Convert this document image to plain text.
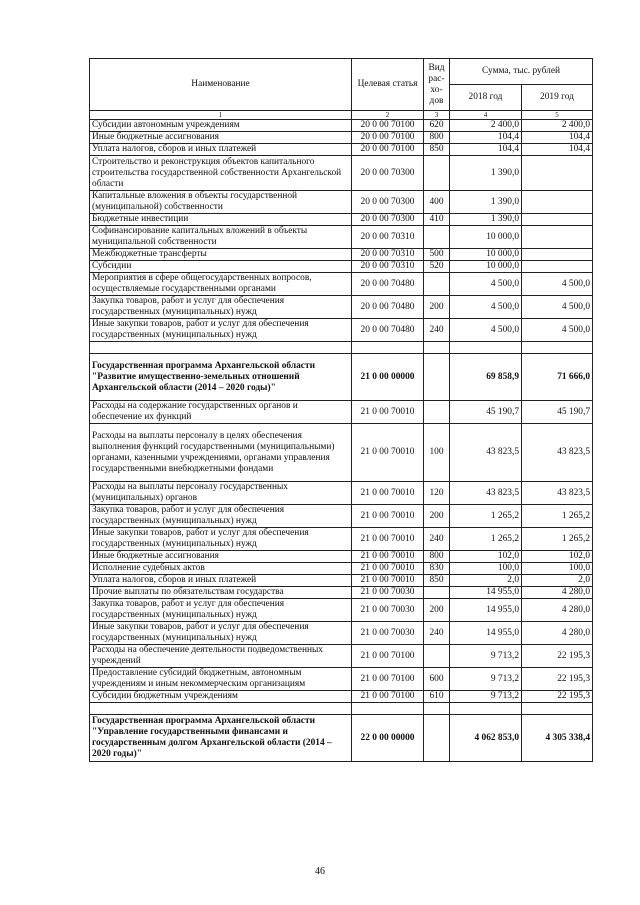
Наименование	Целевая статья	Вид рас-хо-дов	Сумма, тыс. рублей	
			2018 год	2019 год
1	2	3	4	5
Субсидии автономным учреждениям	20 0 00 70100	620	2 400,0	2 400,0
Иные бюджетные ассигнования	20 0 00 70100	800	104,4	104,4
Уплата налогов, сборов и иных платежей	20 0 00 70100	850	104,4	104,4
Строительство и реконструкция объектов капитального строительства государственной собственности Архангельской области	20 0 00 70300		1 390,0	
Капитальные вложения в объекты государственной (муниципальной) собственности	20 0 00 70300	400	1 390,0	
Бюджетные инвестиции	20 0 00 70300	410	1 390,0	
Софинансирование капитальных вложений в объекты муниципальной собственности	20 0 00 70310		10 000,0	
Межбюджетные трансферты	20 0 00 70310	500	10 000,0	
Субсидии	20 0 00 70310	520	10 000,0	
Мероприятия в сфере общегосударственных вопросов, осуществляемые государственными органами	20 0 00 70480		4 500,0	4 500,0
Закупка товаров, работ и услуг для обеспечения государственных (муниципальных) нужд	20 0 00 70480	200	4 500,0	4 500,0
Иные закупки товаров, работ и услуг для обеспечения государственных (муниципальных) нужд	20 0 00 70480	240	4 500,0	4 500,0

Государственная программа Архангельской области "Развитие имущественно-земельных отношений Архангельской области (2014 – 2020 годы)"	21 0 00 00000		69 858,9	71 666,0
Расходы на содержание государственных органов и обеспечение их функций	21 0 00 70010		45 190,7	45 190,7
Расходы на выплаты персоналу в целях обеспечения выполнения функций государственными (муниципальными) органами, казенными учреждениями, органами управления государственными внебюджетными фондами	21 0 00 70010	100	43 823,5	43 823,5
Расходы на выплаты персоналу государственных (муниципальных) органов	21 0 00 70010	120	43 823,5	43 823,5
Закупка товаров, работ и услуг для обеспечения государственных (муниципальных) нужд	21 0 00 70010	200	1 265,2	1 265,2
Иные закупки товаров, работ и услуг для обеспечения государственных (муниципальных) нужд	21 0 00 70010	240	1 265,2	1 265,2
Иные бюджетные ассигнования	21 0 00 70010	800	102,0	102,0
Исполнение судебных актов	21 0 00 70010	830	100,0	100,0
Уплата налогов, сборов и иных платежей	21 0 00 70010	850	2,0	2,0
Прочие выплаты по обязательствам государства	21 0 00 70030		14 955,0	4 280,0
Закупка товаров, работ и услуг для обеспечения государственных (муниципальных) нужд	21 0 00 70030	200	14 955,0	4 280,0
Иные закупки товаров, работ и услуг для обеспечения государственных (муниципальных) нужд	21 0 00 70030	240	14 955,0	4 280,0
Расходы на обеспечение деятельности подведомственных учреждений	21 0 00 70100		9 713,2	22 195,3
Предоставление субсидий бюджетным, автономным учреждениям и иным некоммерческим организациям	21 0 00 70100	600	9 713,2	22 195,3
Субсидии бюджетным учреждениям	21 0 00 70100	610	9 713,2	22 195,3

Государственная программа Архангельской области "Управление государственными финансами и государственным долгом Архангельской области (2014 – 2020 годы)"	22 0 00 00000		4 062 853,0	4 305 338,4
46
